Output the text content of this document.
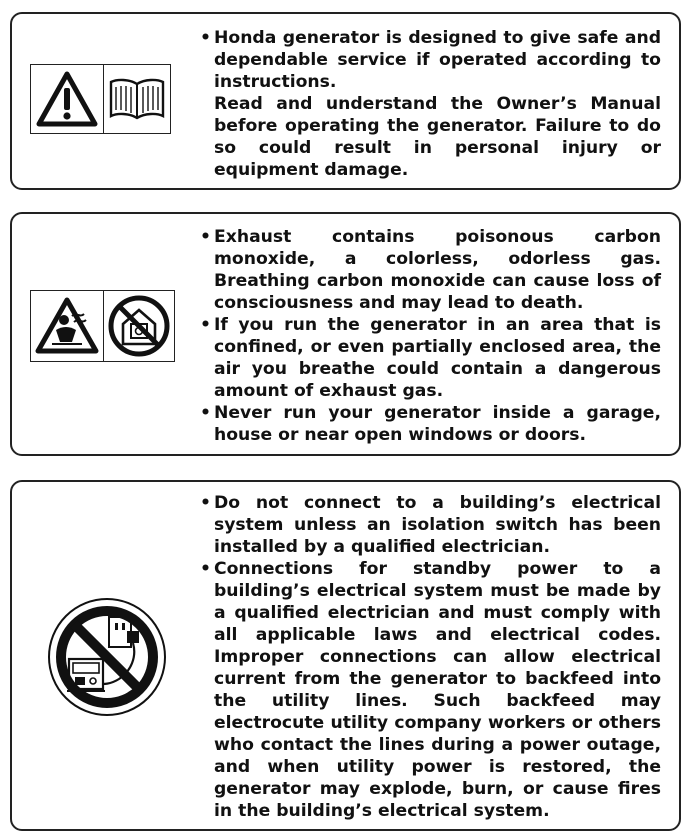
• Honda generator is designed to give safe and dependable service if operated according to instructions.
Read and understand the Owner’s Manual before operating the generator. Failure to do so could result in personal injury or equipment damage.
• Exhaust contains poisonous carbon monoxide, a colorless, odorless gas. Breathing carbon monoxide can cause loss of consciousness and may lead to death.
• If you run the generator in an area that is confined, or even partially enclosed area, the air you breathe could contain a dangerous amount of exhaust gas.
• Never run your generator inside a garage, house or near open windows or doors.
• Do not connect to a building’s electrical system unless an isolation switch has been installed by a qualified electrician.
• Connections for standby power to a building’s electrical system must be made by a qualified electrician and must comply with all applicable laws and electrical codes. Improper connections can allow electrical current from the generator to backfeed into the utility lines. Such backfeed may electrocute utility company workers or others who contact the lines during a power outage, and when utility power is restored, the generator may explode, burn, or cause fires in the building’s electrical system.
